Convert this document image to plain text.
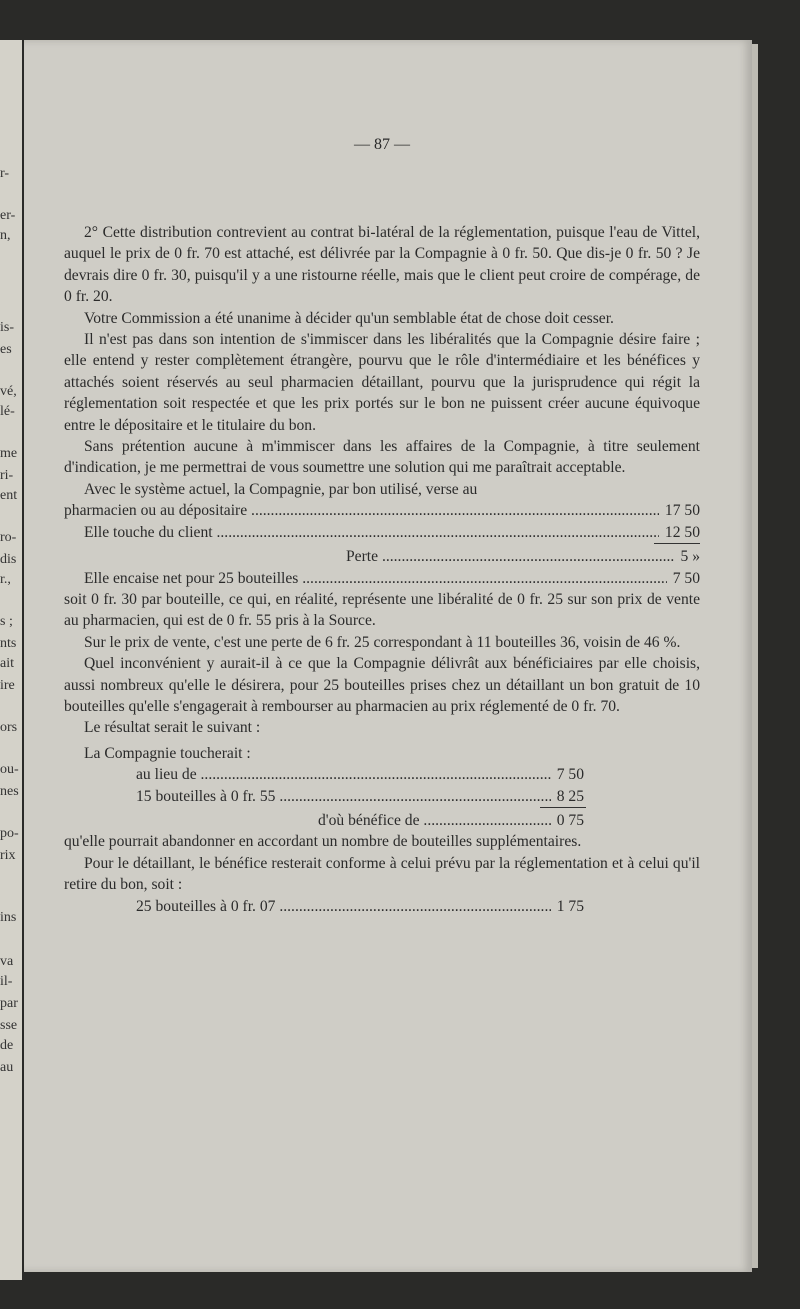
r-
er-
n,
is-
es
vé,
lé-
me
ri-
ent
ro-
dis
r.,
s ;
nts
ait
ire
ors
ou-
nes
po-
rix
ins
va
il-
par
sse
de
au
— 87 —

2° Cette distribution contrevient au contrat bi-latéral de la réglementation, puisque l'eau de Vittel, auquel le prix de 0 fr. 70 est attaché, est délivrée par la Compagnie à 0 fr. 50. Que dis-je 0 fr. 50 ? Je devrais dire 0 fr. 30, puisqu'il y a une ristourne réelle, mais que le client peut croire de compérage, de 0 fr. 20.

Votre Commission a été unanime à décider qu'un semblable état de chose doit cesser.

Il n'est pas dans son intention de s'immiscer dans les libéralités que la Compagnie désire faire ; elle entend y rester complètement étrangère, pourvu que le rôle d'intermédiaire et les bénéfices y attachés soient réservés au seul pharmacien détaillant, pourvu que la jurisprudence qui régit la réglementation soit respectée et que les prix portés sur le bon ne puissent créer aucune équivoque entre le dépositaire et le titulaire du bon.

Sans prétention aucune à m'immiscer dans les affaires de la Compagnie, à titre seulement d'indication, je me permettrai de vous soumettre une solution qui me paraîtrait acceptable.

Avec le système actuel, la Compagnie, par bon utilisé, verse au

pharmacien ou au dépositaire .....	17 50
Elle touche du client .....	12 50
Perte .....	5 »
Elle encaise net pour 25 bouteilles .....	7 50

soit 0 fr. 30 par bouteille, ce qui, en réalité, représente une libéralité de 0 fr. 25 sur son prix de vente au pharmacien, qui est de 0 fr. 55 pris à la Source.

Sur le prix de vente, c'est une perte de 6 fr. 25 correspondant à 11 bouteilles 36, voisin de 46 %.

Quel inconvénient y aurait-il à ce que la Compagnie délivrât aux bénéficiaires par elle choisis, aussi nombreux qu'elle le désirera, pour 25 bouteilles prises chez un détaillant un bon gratuit de 10 bouteilles qu'elle s'engagerait à rembourser au pharmacien au prix réglementé de 0 fr. 70.

Le résultat serait le suivant :

La Compagnie toucherait :

au lieu de .....	7 50
15 bouteilles à 0 fr. 55 .....	8 25
d'où bénéfice de .....	0 75

qu'elle pourrait abandonner en accordant un nombre de bouteilles supplémentaires.

Pour le détaillant, le bénéfice resterait conforme à celui prévu par la réglementation et à celui qu'il retire du bon, soit :

25 bouteilles à 0 fr. 07 .....	1 75
